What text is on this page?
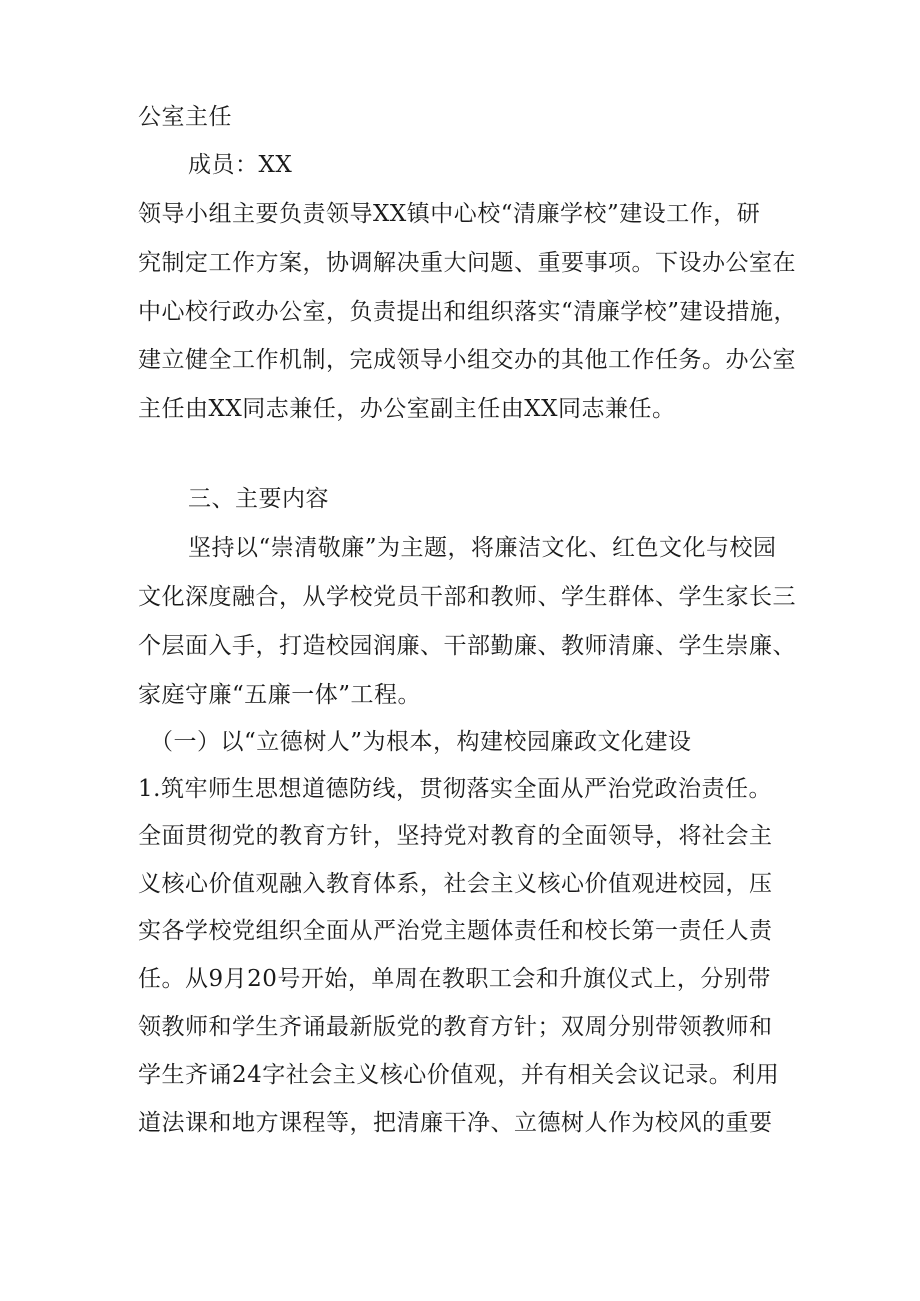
公室主任
成员：XX
领导小组主要负责领导XX镇中心校“清廉学校”建设工作，研
究制定工作方案，协调解决重大问题、重要事项。下设办公室在
中心校行政办公室，负责提出和组织落实“清廉学校”建设措施，
建立健全工作机制，完成领导小组交办的其他工作任务。办公室
主任由XX同志兼任，办公室副主任由XX同志兼任。
三、主要内容
坚持以“崇清敬廉”为主题，将廉洁文化、红色文化与校园
文化深度融合，从学校党员干部和教师、学生群体、学生家长三
个层面入手，打造校园润廉、干部勤廉、教师清廉、学生崇廉、
家庭守廉“五廉一体”工程。
（一）以“立德树人”为根本，构建校园廉政文化建设
1.筑牢师生思想道德防线，贯彻落实全面从严治党政治责任。
全面贯彻党的教育方针，坚持党对教育的全面领导，将社会主
义核心价值观融入教育体系，社会主义核心价值观进校园，压
实各学校党组织全面从严治党主题体责任和校长第一责任人责
任。从9月20号开始，单周在教职工会和升旗仪式上，分别带
领教师和学生齐诵最新版党的教育方针；双周分别带领教师和
学生齐诵24字社会主义核心价值观，并有相关会议记录。利用
道法课和地方课程等，把清廉干净、立德树人作为校风的重要
